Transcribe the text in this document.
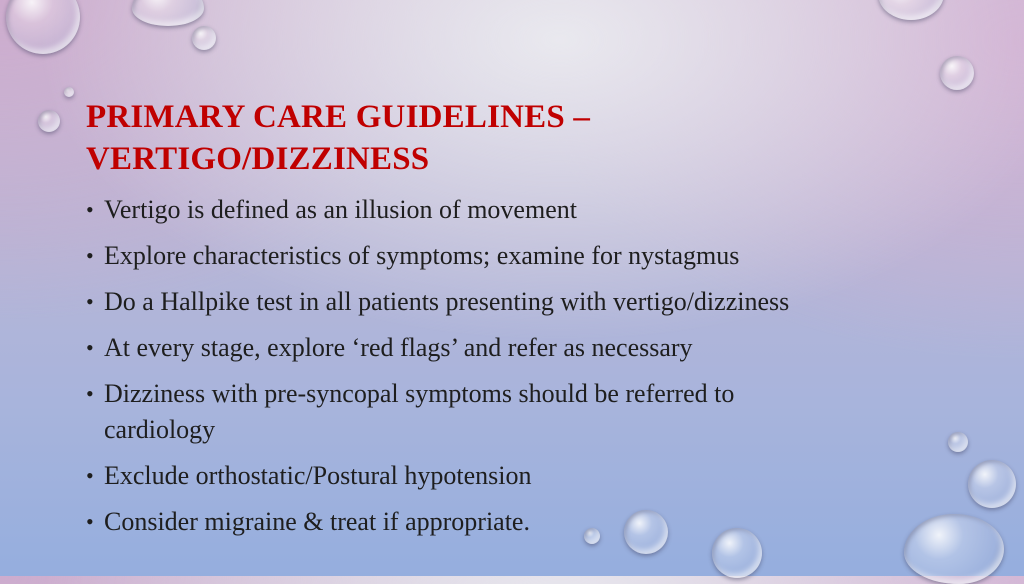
PRIMARY CARE GUIDELINES –
VERTIGO/DIZZINESS
• Vertigo is defined as an illusion of movement
• Explore characteristics of symptoms; examine for nystagmus
• Do a Hallpike test in all patients presenting with vertigo/dizziness
• At every stage, explore ‘red flags’ and refer as necessary
• Dizziness with pre-syncopal symptoms should be referred to cardiology
• Exclude orthostatic/Postural hypotension
• Consider migraine & treat if appropriate.
